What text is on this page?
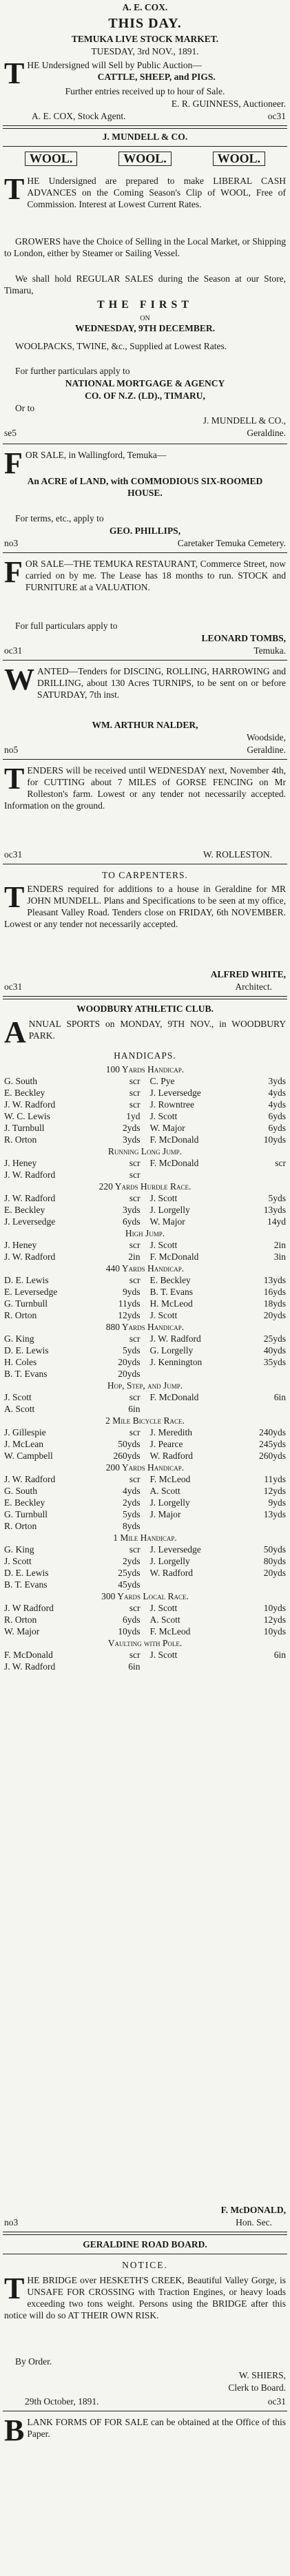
A. E. COX.
THIS DAY.
TEMUKA LIVE STOCK MARKET.
TUESDAY, 3rd NOV., 1891.
T HE Undersigned will Sell by Public Auction—
CATTLE, SHEEP, and PIGS.
Further entries received up to hour of Sale.
E. R. GUINNESS, Auctioneer.
A. E. COX, Stock Agent.	oc31
J. MUNDELL & CO.
WOOL.	WOOL.	WOOL.
T HE Undersigned are prepared to make LIBERAL CASH ADVANCES on the Coming Season's Clip of WOOL, Free of Commission. Interest at Lowest Current Rates.
GROWERS have the Choice of Selling in the Local Market, or Shipping to London, either by Steamer or Sailing Vessel.
We shall hold REGULAR SALES during the Season at our Store, Timaru,
THE FIRST
ON
WEDNESDAY, 9TH DECEMBER.
WOOLPACKS, TWINE, &c., Supplied at Lowest Rates.
For further particulars apply to
NATIONAL MORTGAGE & AGENCY
CO. OF N.Z. (LD)., TIMARU,
Or to
J. MUNDELL & CO.,
se5	Geraldine.
F OR SALE, in Wallingford, Temuka—
An ACRE of LAND, with COMMODIOUS SIX-ROOMED HOUSE.
For terms, etc., apply to
GEO. PHILLIPS,
no3	Caretaker Temuka Cemetery.
F OR SALE—THE TEMUKA RESTAURANT, Commerce Street, now carried on by me. The Lease has 18 months to run. STOCK and FURNITURE at a VALUATION.
For full particulars apply to
LEONARD TOMBS,
oc31	Temuka.
W ANTED—Tenders for DISCING, ROLLING, HARROWING and DRILLING, about 130 Acres TURNIPS, to be sent on or before SATURDAY, 7th inst.
WM. ARTHUR NALDER,
Woodside,
no5	Geraldine.
T ENDERS will be received until WEDNESDAY next, November 4th, for CUTTING about 7 MILES of GORSE FENCING on Mr Rolleston's farm. Lowest or any tender not necessarily accepted. Information on the ground.
oc31	W. ROLLESTON.
TO CARPENTERS.
T ENDERS required for additions to a house in Geraldine for MR JOHN MUNDELL. Plans and Specifications to be seen at my office, Pleasant Valley Road. Tenders close on FRIDAY, 6th NOVEMBER. Lowest or any tender not necessarily accepted.
ALFRED WHITE,
oc31	Architect.
WOODBURY ATHLETIC CLUB.
A NNUAL SPORTS on MONDAY, 9TH NOV., in WOODBURY PARK.
HANDICAPS.
100 Yards Handicap.
G. South	scr C. Pye	3yds
E. Beckley	scr J. Leversedge	4yds
J. W. Radford	scr J. Rowntree	4yds
W. C. Lewis	1yd J. Scott	6yds
J. Turnbull	2yds W. Major	6yds
R. Orton	3yds F. McDonald	10yds
Running Long Jump.
J. Heney	scr F. McDonald	scr
J. W. Radford	scr
220 Yards Hurdle Race.
J. W. Radford	scr J. Scott	5yds
E. Beckley	3yds J. Lorgelly	13yds
J. Leversedge	6yds W. Major	14yd
High Jump.
J. Heney	scr J. Scott	2in
J. W. Radford	2in F. McDonald	3in
440 Yards Handicap.
D. E. Lewis	scr E. Beckley	13yds
E. Leversedge	9yds B. T. Evans	16yds
G. Turnbull	11yds H. McLeod	18yds
R. Orton	12yds J. Scott	20yds
880 Yards Handicap.
G. King	scr J. W. Radford	25yds
D. E. Lewis	5yds G. Lorgelly	40yds
H. Coles	20yds J. Kennington	35yds
B. T. Evans	20yds
Hop, Step, and Jump.
J. Scott	scr F. McDonald	6in
A. Scott	6in
2 Mile Bicycle Race.
J. Gillespie	scr J. Meredith	240yds
J. McLean	50yds J. Pearce	245yds
W. Campbell	260yds W. Radford	260yds
200 Yards Handicap.
J. W. Radford	scr F. McLeod	11yds
G. South	4yds A. Scott	12yds
E. Beckley	2yds J. Lorgelly	9yds
G. Turnbull	5yds J. Major	13yds
R. Orton	8yds
1 Mile Handicap.
G. King	scr J. Leversedge	50yds
J. Scott	2yds J. Lorgelly	80yds
D. E. Lewis	25yds W. Radford	20yds
B. T. Evans	45yds
300 Yards Local Race.
J. W Radford	scr J. Scott	10yds
R. Orton	6yds A. Scott	12yds
W. Major	10yds F. McLeod	10yds
Vaulting with Pole.
F. McDonald	scr J. Scott	6in
J. W. Radford	6in
F. McDONALD,
no3	Hon. Sec.
GERALDINE ROAD BOARD.
NOTICE.
T HE BRIDGE over HESKETH'S CREEK, Beautiful Valley Gorge, is UNSAFE FOR CROSSING with Traction Engines, or heavy loads exceeding two tons weight. Persons using the BRIDGE after this notice will do so AT THEIR OWN RISK.
By Order.
W. SHIERS,
Clerk to Board.
29th October, 1891.	oc31
B LANK FORMS OF FOR SALE can be obtained at the Office of this Paper.
